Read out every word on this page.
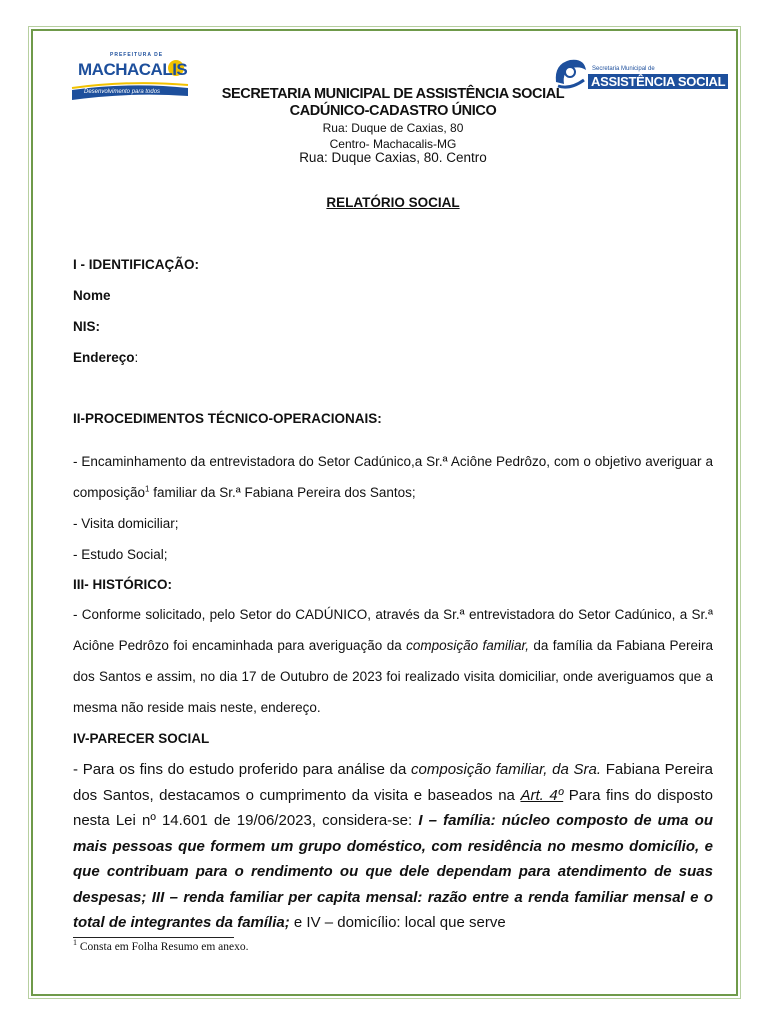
PREFEITURA DE
MACHACALIS
Desenvolvimento para todos
Secretaria Municipal de
ASSISTÊNCIA SOCIAL
SECRETARIA MUNICIPAL DE ASSISTÊNCIA SOCIAL
CADÚNICO-CADASTRO ÚNICO
Rua: Duque de Caxias, 80
Centro- Machacalis-MG
Rua: Duque Caxias, 80. Centro
RELATÓRIO SOCIAL
I - IDENTIFICAÇÃO:
Nome
NIS:
Endereço:
II-PROCEDIMENTOS TÉCNICO-OPERACIONAIS:
- Encaminhamento da entrevistadora do Setor Cadúnico,a Sr.ª Aciône Pedrôzo, com o objetivo averiguar a composição$^1$ familiar da Sr.ª Fabiana Pereira dos Santos;
- Visita domiciliar;
- Estudo Social;
III- HISTÓRICO:
- Conforme solicitado, pelo Setor do CADÚNICO, através da Sr.ª entrevistadora do Setor Cadúnico, a Sr.ª Aciône Pedrôzo foi encaminhada para averiguação da composição familiar, da família da Fabiana Pereira dos Santos e assim, no dia 17 de Outubro de 2023 foi realizado visita domiciliar, onde averiguamos que a mesma não reside mais neste, endereço.
IV-PARECER SOCIAL
- Para os fins do estudo proferido para análise da composição familiar, da Sra. Fabiana Pereira dos Santos, destacamos o cumprimento da visita e baseados na Art. 4º Para fins do disposto nesta Lei nº 14.601 de 19/06/2023, considera-se: I – família: núcleo composto de uma ou mais pessoas que formem um grupo doméstico, com residência no mesmo domicílio, e que contribuam para o rendimento ou que dele dependam para atendimento de suas despesas; III – renda familiar per capita mensal: razão entre a renda familiar mensal e o total de integrantes da família; e IV – domicílio: local que serve
$^1$ Consta em Folha Resumo em anexo.
